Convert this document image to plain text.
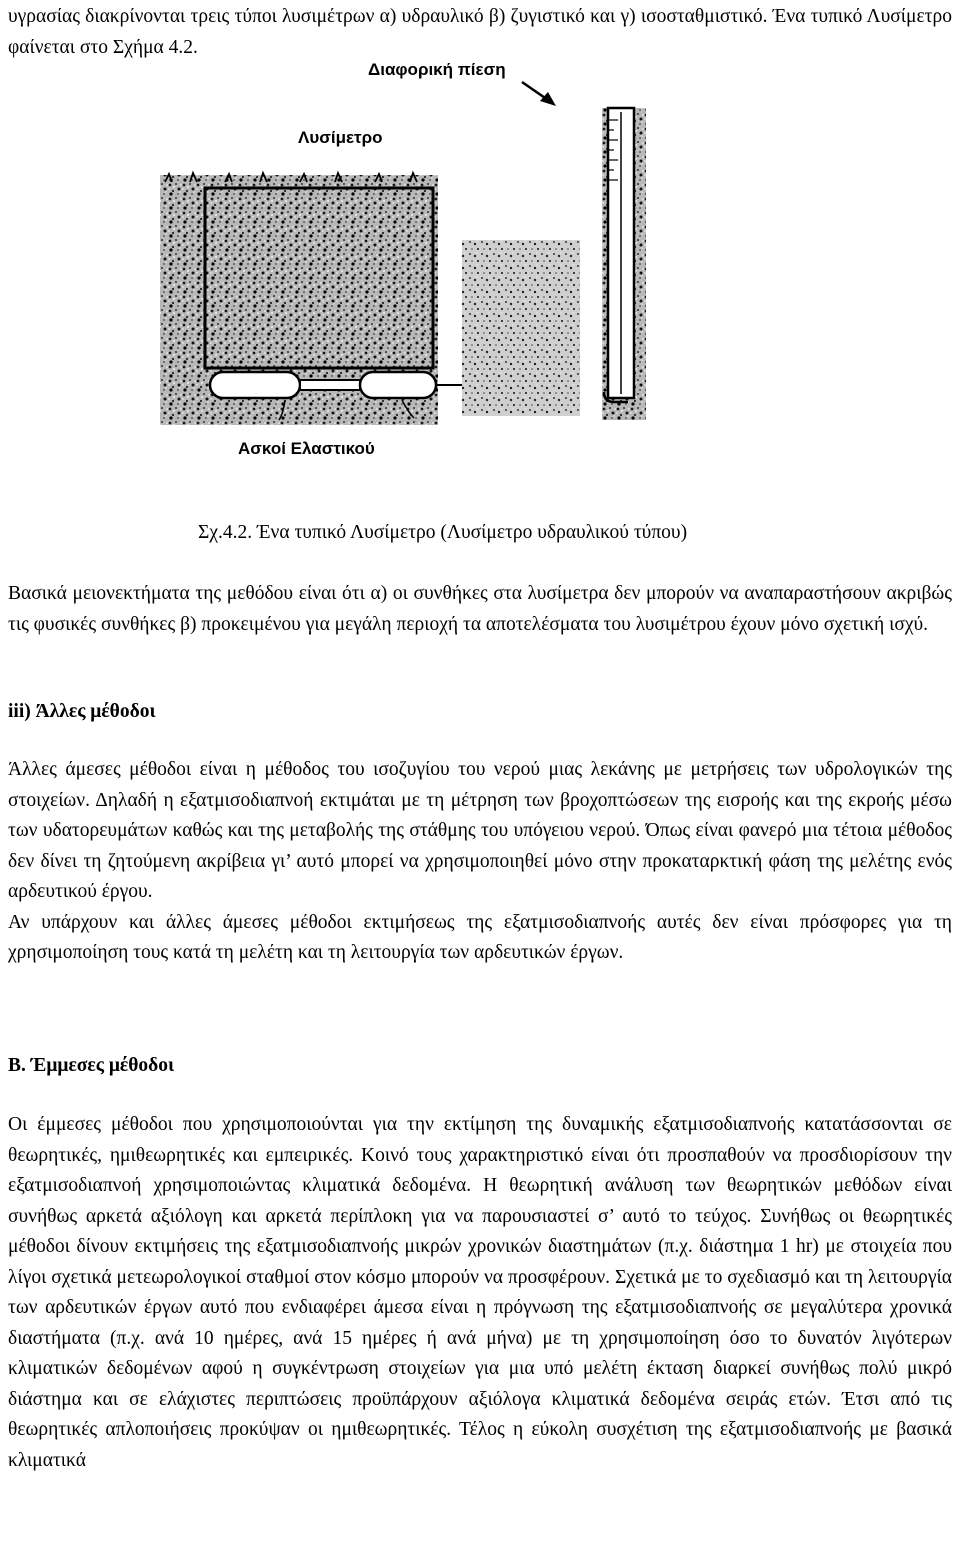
υγρασίας διακρίνονται τρεις τύποι λυσιμέτρων α) υδραυλικό β) ζυγιστικό και γ) ισοσταθμιστικό. Ένα τυπικό Λυσίμετρο φαίνεται στο Σχήμα 4.2.

Διαφορική πίεση
Λυσίμετρο
Ασκοί Ελαστικού
Σχ.4.2. Ένα τυπικό Λυσίμετρο (Λυσίμετρο υδραυλικού τύπου)

Βασικά μειονεκτήματα της μεθόδου είναι ότι α) οι συνθήκες στα λυσίμετρα δεν μπορούν να αναπαραστήσουν ακριβώς τις φυσικές συνθήκες β) προκειμένου για μεγάλη περιοχή τα αποτελέσματα του λυσιμέτρου έχουν μόνο σχετική ισχύ.

iii) Άλλες μέθοδοι

Άλλες άμεσες μέθοδοι είναι η μέθοδος του ισοζυγίου του νερού μιας λεκάνης με μετρήσεις των υδρολογικών της στοιχείων. Δηλαδή η εξατμισοδιαπνοή εκτιμάται με τη μέτρηση των βροχοπτώσεων της εισροής και της εκροής μέσω των υδατορευμάτων καθώς και της μεταβολής της στάθμης του υπόγειου νερού. Όπως είναι φανερό μια τέτοια μέθοδος δεν δίνει τη ζητούμενη ακρίβεια γι’ αυτό μπορεί να χρησιμοποιηθεί μόνο στην προκαταρκτική φάση της μελέτης ενός αρδευτικού έργου.

Αν υπάρχουν και άλλες άμεσες μέθοδοι εκτιμήσεως της εξατμισοδιαπνοής αυτές δεν είναι πρόσφορες για τη χρησιμοποίηση τους κατά τη μελέτη και τη λειτουργία των αρδευτικών έργων.

Β. Έμμεσες μέθοδοι

Οι έμμεσες μέθοδοι που χρησιμοποιούνται για την εκτίμηση της δυναμικής εξατμισοδιαπνοής κατατάσσονται σε θεωρητικές, ημιθεωρητικές και εμπειρικές. Κοινό τους χαρακτηριστικό είναι ότι προσπαθούν να προσδιορίσουν την εξατμισοδιαπνοή χρησιμοποιώντας κλιματικά δεδομένα. Η θεωρητική ανάλυση των θεωρητικών μεθόδων είναι συνήθως αρκετά αξιόλογη και αρκετά περίπλοκη για να παρουσιαστεί σ’ αυτό το τεύχος. Συνήθως οι θεωρητικές μέθοδοι δίνουν εκτιμήσεις της εξατμισοδιαπνοής μικρών χρονικών διαστημάτων (π.χ. διάστημα 1 hr) με στοιχεία που λίγοι σχετικά μετεωρολογικοί σταθμοί στον κόσμο μπορούν να προσφέρουν. Σχετικά με το σχεδιασμό και τη λειτουργία των αρδευτικών έργων αυτό που ενδιαφέρει άμεσα είναι η πρόγνωση της εξατμισοδιαπνοής σε μεγαλύτερα χρονικά διαστήματα (π.χ. ανά 10 ημέρες, ανά 15 ημέρες ή ανά μήνα) με τη χρησιμοποίηση όσο το δυνατόν λιγότερων κλιματικών δεδομένων αφού η συγκέντρωση στοιχείων για μια υπό μελέτη έκταση διαρκεί συνήθως πολύ μικρό διάστημα και σε ελάχιστες περιπτώσεις προϋπάρχουν αξιόλογα κλιματικά δεδομένα σειράς ετών. Έτσι από τις θεωρητικές απλοποιήσεις προκύψαν οι ημιθεωρητικές. Τέλος η εύκολη συσχέτιση της εξατμισοδιαπνοής με βασικά κλιματικά
